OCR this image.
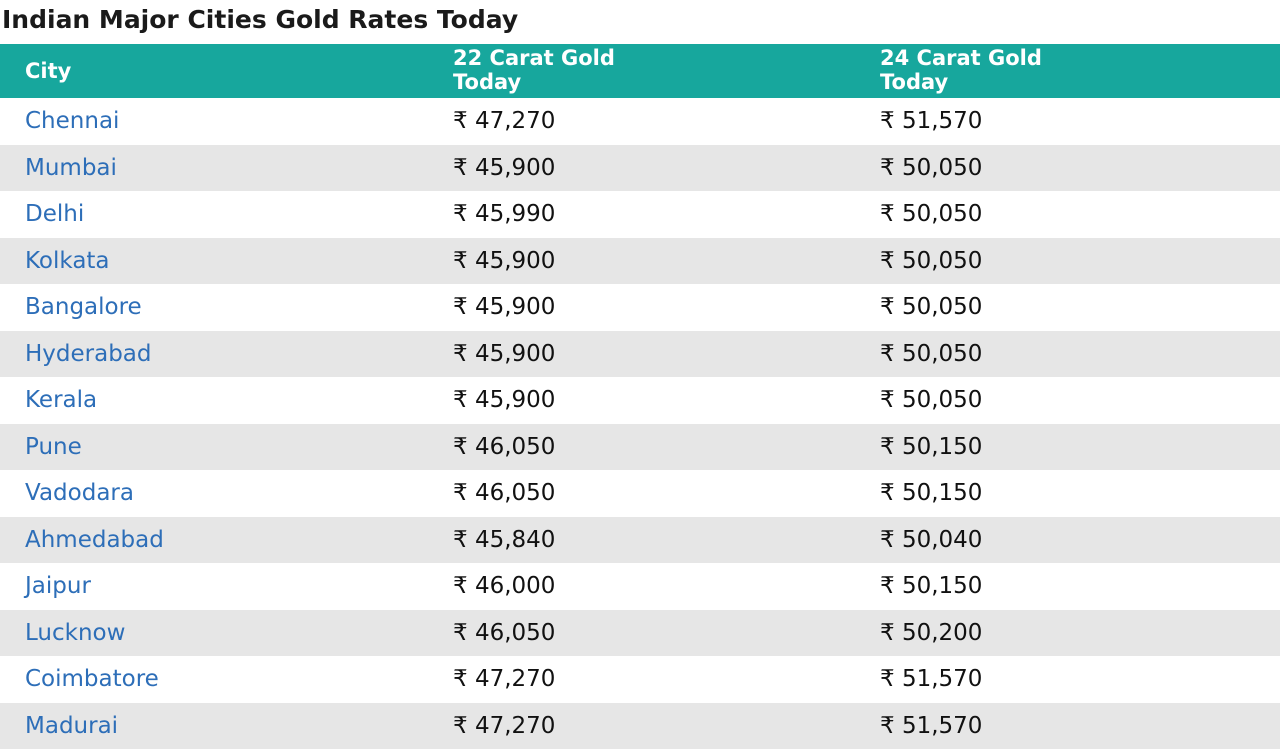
Indian Major Cities Gold Rates Today
City	22 Carat Gold Today	24 Carat Gold Today

Chennai	₹ 47,270	₹ 51,570
Mumbai	₹ 45,900	₹ 50,050
Delhi	₹ 45,990	₹ 50,050
Kolkata	₹ 45,900	₹ 50,050
Bangalore	₹ 45,900	₹ 50,050
Hyderabad	₹ 45,900	₹ 50,050
Kerala	₹ 45,900	₹ 50,050
Pune	₹ 46,050	₹ 50,150
Vadodara	₹ 46,050	₹ 50,150
Ahmedabad	₹ 45,840	₹ 50,040
Jaipur	₹ 46,000	₹ 50,150
Lucknow	₹ 46,050	₹ 50,200
Coimbatore	₹ 47,270	₹ 51,570
Madurai	₹ 47,270	₹ 51,570
